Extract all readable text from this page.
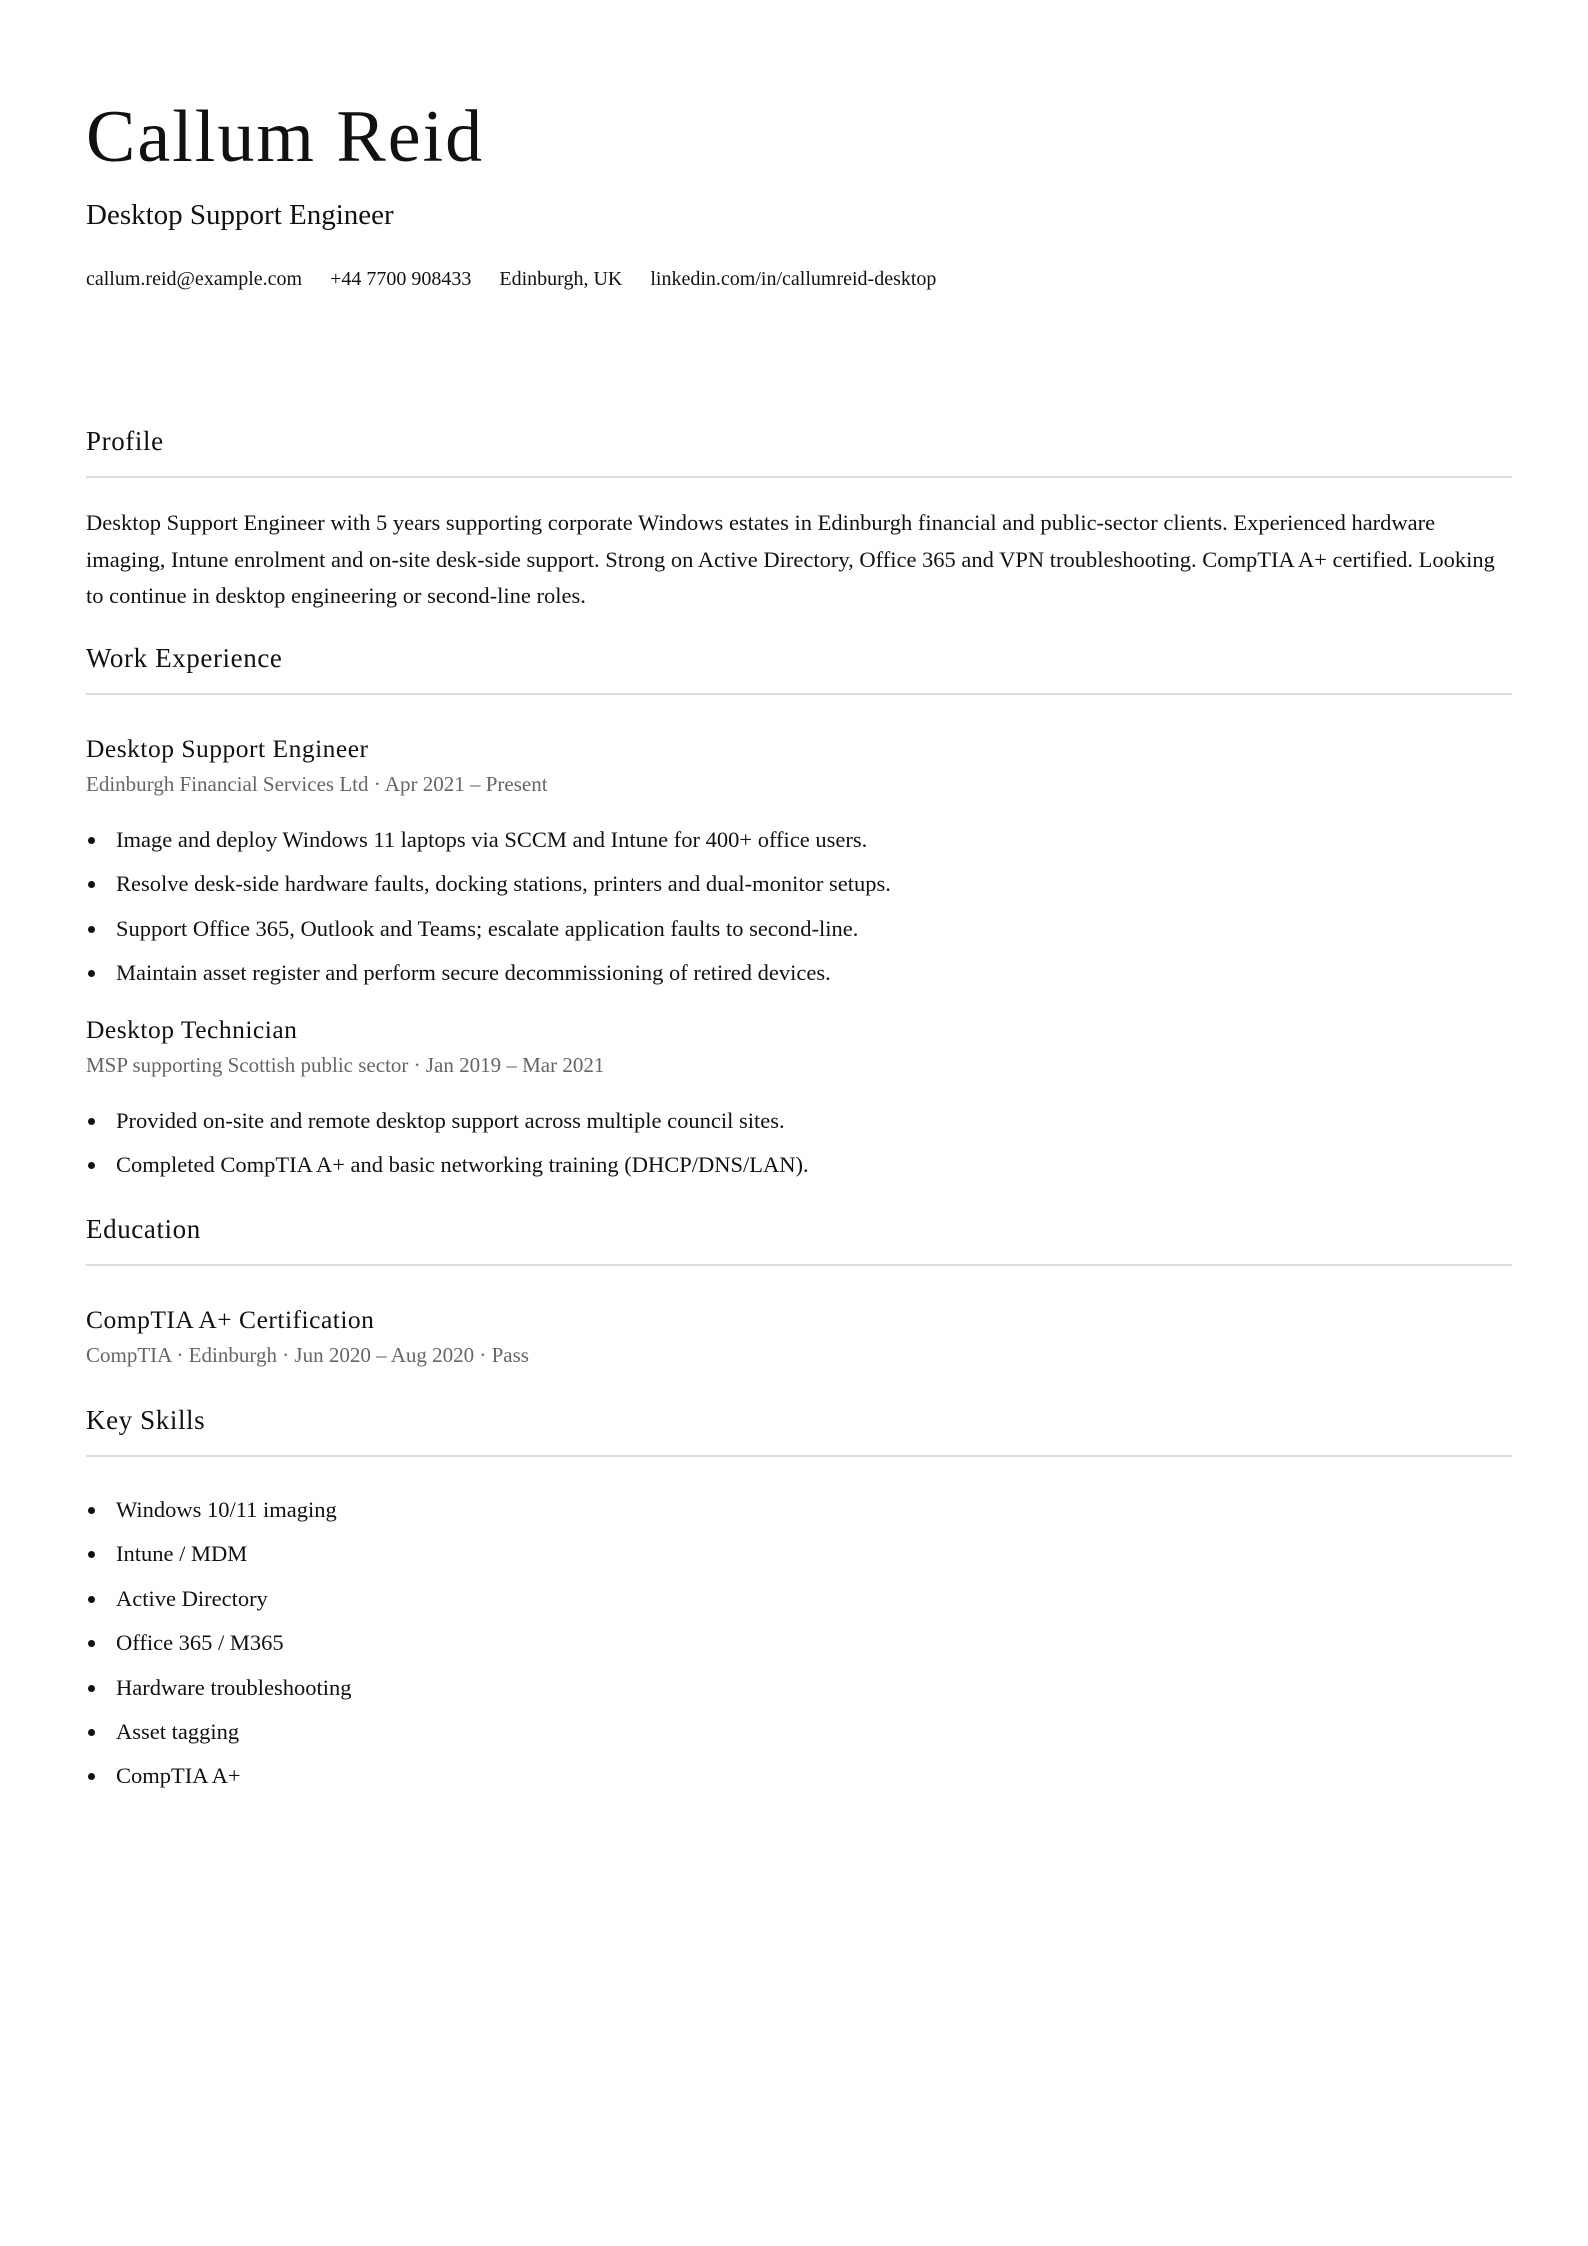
Callum Reid
Desktop Support Engineer
callum.reid@example.com +44 7700 908433 Edinburgh, UK linkedin.com/in/callumreid-desktop
Profile

Desktop Support Engineer with 5 years supporting corporate Windows estates in Edinburgh financial and public-sector clients. Experienced hardware imaging, Intune enrolment and on-site desk-side support. Strong on Active Directory, Office 365 and VPN troubleshooting. CompTIA A+ certified. Looking to continue in desktop engineering or second-line roles.

Work Experience
Desktop Support Engineer
Edinburgh Financial Services Ltd · Apr 2021 – Present
Image and deploy Windows 11 laptops via SCCM and Intune for 400+ office users.
Resolve desk-side hardware faults, docking stations, printers and dual-monitor setups.
Support Office 365, Outlook and Teams; escalate application faults to second-line.
Maintain asset register and perform secure decommissioning of retired devices.
Desktop Technician
MSP supporting Scottish public sector · Jan 2019 – Mar 2021
Provided on-site and remote desktop support across multiple council sites.
Completed CompTIA A+ and basic networking training (DHCP/DNS/LAN).
Education
CompTIA A+ Certification
CompTIA · Edinburgh · Jun 2020 – Aug 2020 · Pass
Key Skills
Windows 10/11 imaging
Intune / MDM
Active Directory
Office 365 / M365
Hardware troubleshooting
Asset tagging
CompTIA A+
